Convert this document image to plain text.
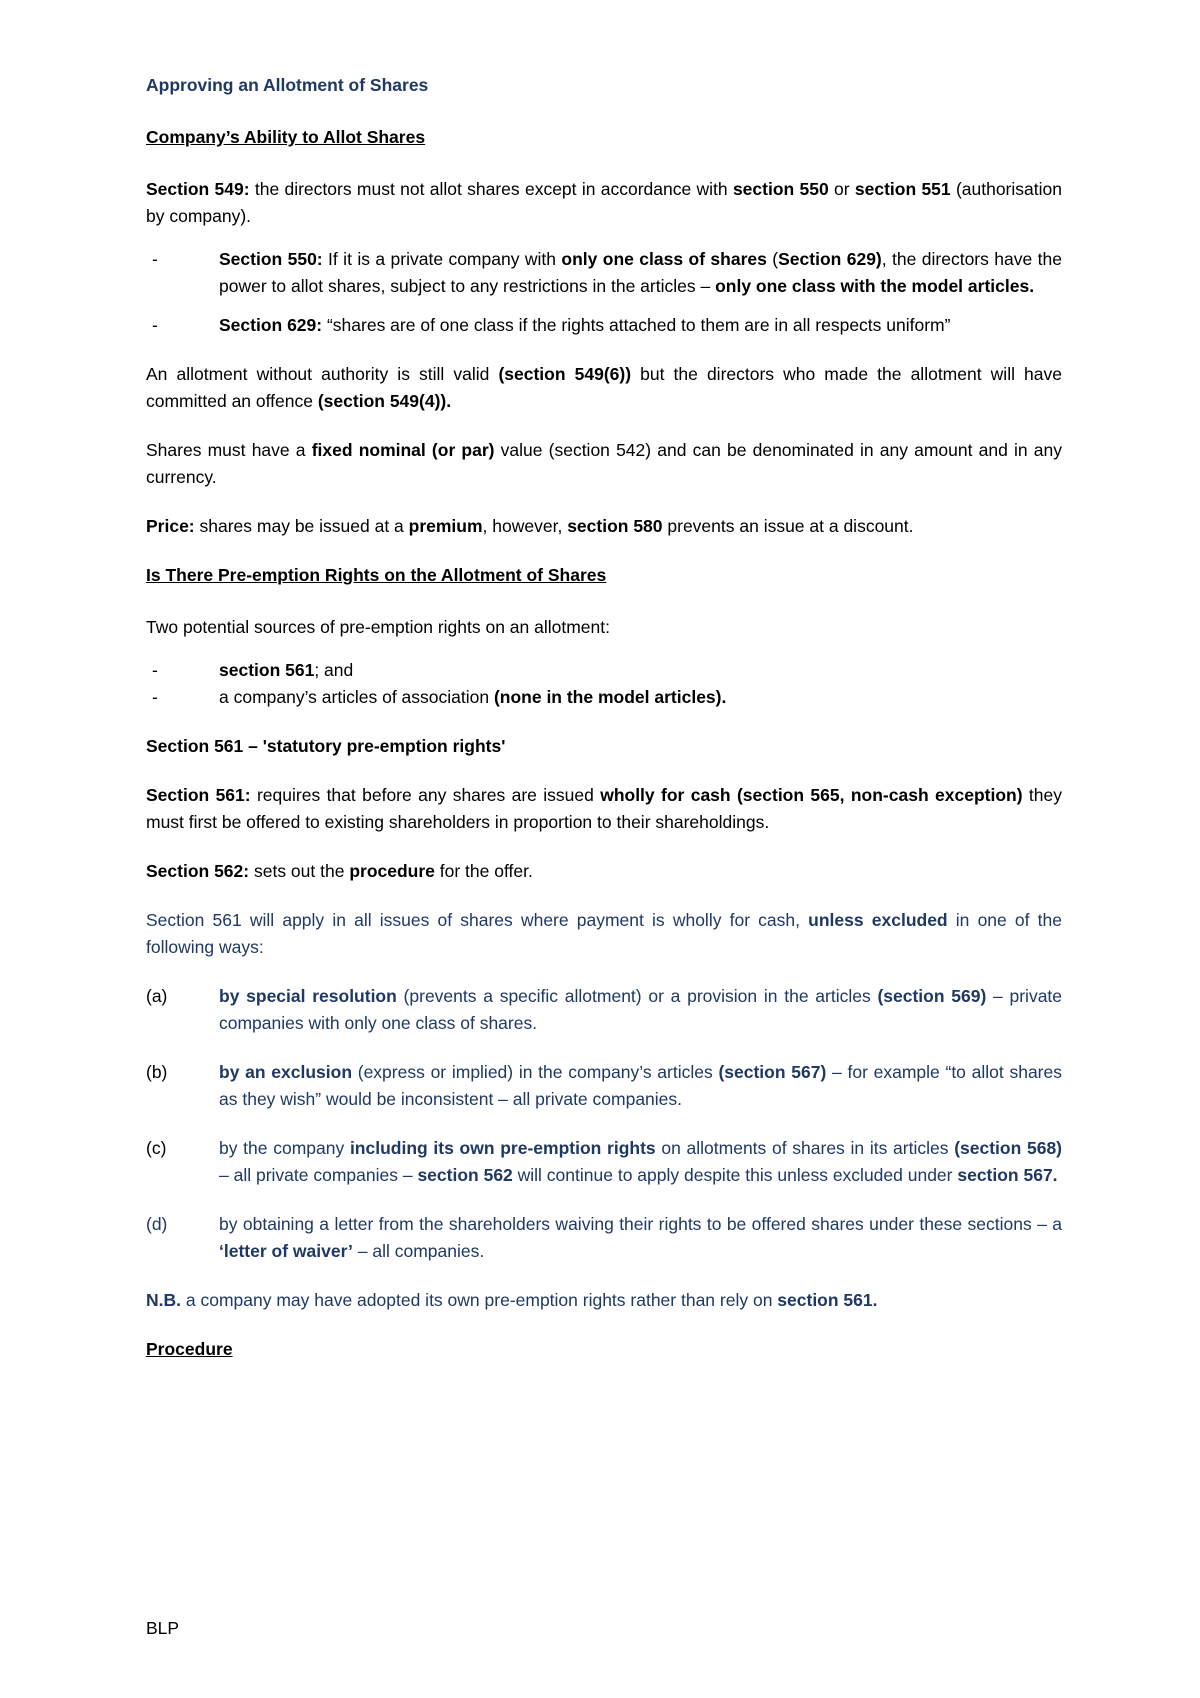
Approving an Allotment of Shares

Company’s Ability to Allot Shares

Section 549: the directors must not allot shares except in accordance with section 550 or section 551 (authorisation by company).

-	Section 550: If it is a private company with only one class of shares (Section 629), the directors have the power to allot shares, subject to any restrictions in the articles – only one class with the model articles.
-	Section 629: “shares are of one class if the rights attached to them are in all respects uniform”

An allotment without authority is still valid (section 549(6)) but the directors who made the allotment will have committed an offence (section 549(4)).

Shares must have a fixed nominal (or par) value (section 542) and can be denominated in any amount and in any currency.

Price: shares may be issued at a premium, however, section 580 prevents an issue at a discount.

Is There Pre-emption Rights on the Allotment of Shares

Two potential sources of pre-emption rights on an allotment:

-	section 561; and
-	a company’s articles of association (none in the model articles).

Section 561 – 'statutory pre-emption rights'

Section 561: requires that before any shares are issued wholly for cash (section 565, non-cash exception) they must first be offered to existing shareholders in proportion to their shareholdings.

Section 562: sets out the procedure for the offer.

Section 561 will apply in all issues of shares where payment is wholly for cash, unless excluded in one of the following ways:

(a)	by special resolution (prevents a specific allotment) or a provision in the articles (section 569) – private companies with only one class of shares.
(b)	by an exclusion (express or implied) in the company’s articles (section 567) – for example “to allot shares as they wish” would be inconsistent – all private companies.
(c)	by the company including its own pre-emption rights on allotments of shares in its articles (section 568) – all private companies – section 562 will continue to apply despite this unless excluded under section 567.
(d)	by obtaining a letter from the shareholders waiving their rights to be offered shares under these sections – a ‘letter of waiver’ – all companies.

N.B. a company may have adopted its own pre-emption rights rather than rely on section 561.

Procedure

BLP
